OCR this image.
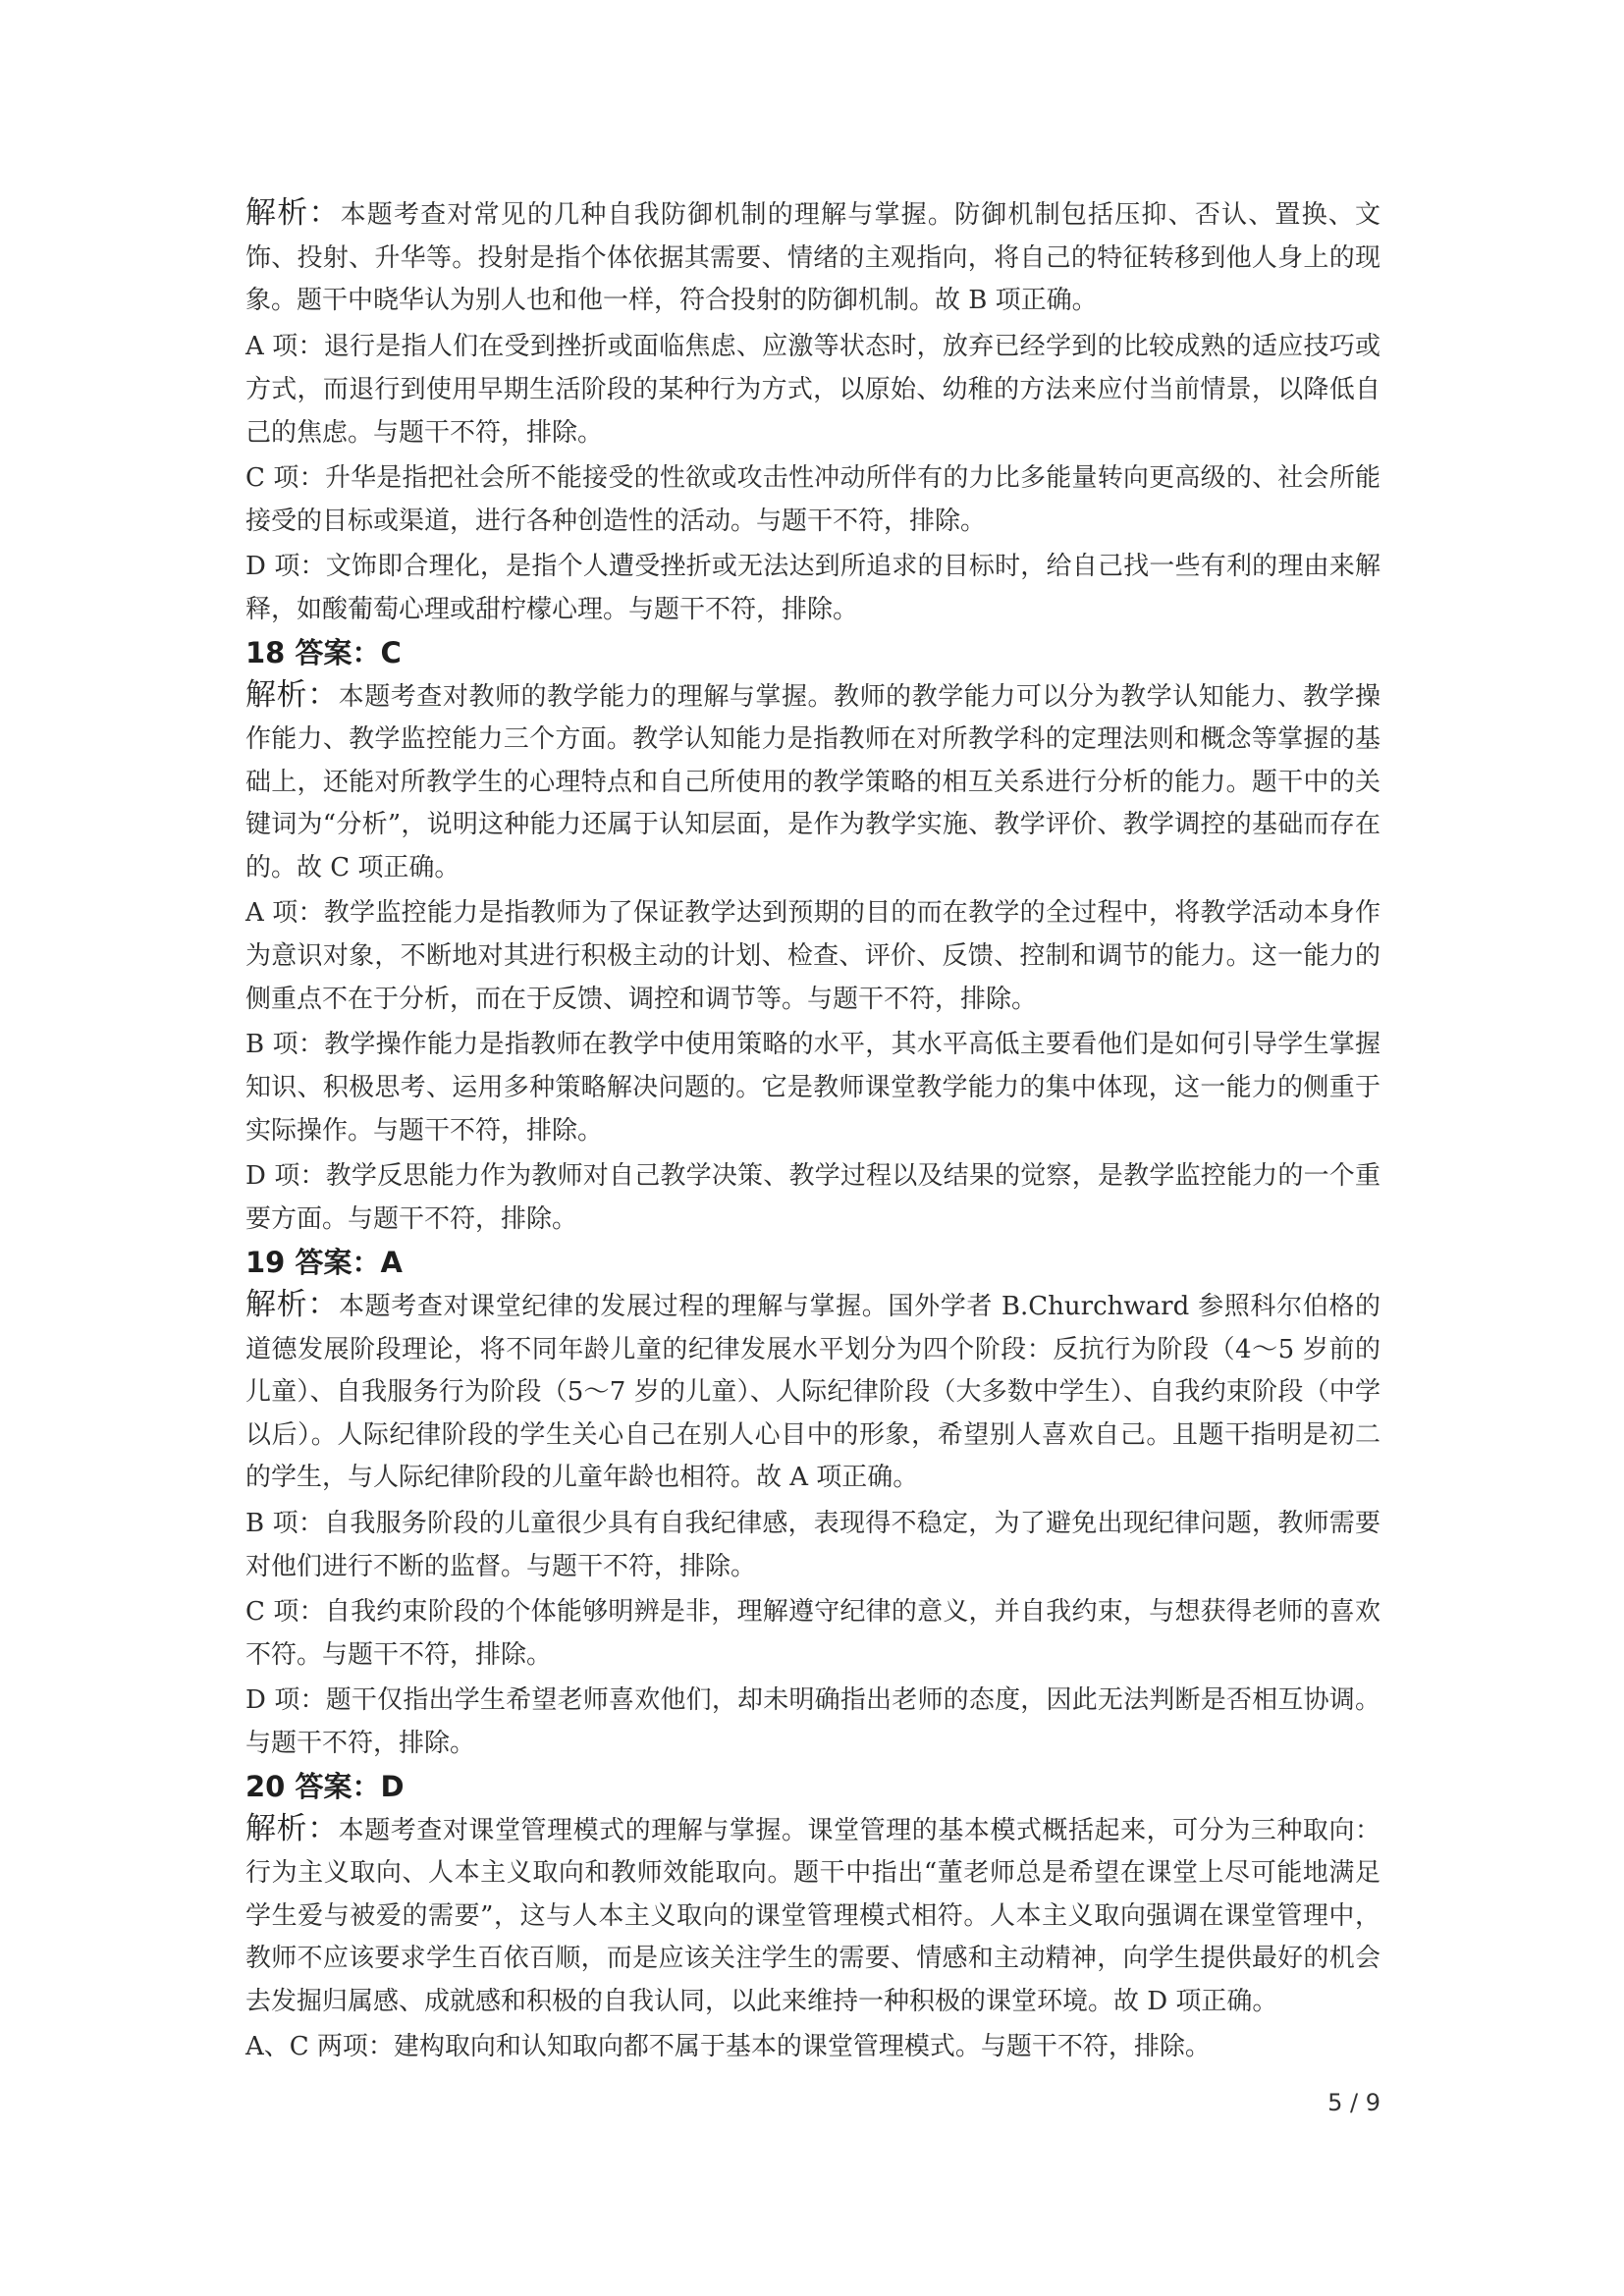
解析：本题考查对常见的几种自我防御机制的理解与掌握。防御机制包括压抑、否认、置换、文饰、投射、升华等。投射是指个体依据其需要、情绪的主观指向，将自己的特征转移到他人身上的现象。题干中晓华认为别人也和他一样，符合投射的防御机制。故 B 项正确。

A 项：退行是指人们在受到挫折或面临焦虑、应激等状态时，放弃已经学到的比较成熟的适应技巧或方式，而退行到使用早期生活阶段的某种行为方式，以原始、幼稚的方法来应付当前情景，以降低自己的焦虑。与题干不符，排除。

C 项：升华是指把社会所不能接受的性欲或攻击性冲动所伴有的力比多能量转向更高级的、社会所能接受的目标或渠道，进行各种创造性的活动。与题干不符，排除。

D 项：文饰即合理化，是指个人遭受挫折或无法达到所追求的目标时，给自己找一些有利的理由来解释，如酸葡萄心理或甜柠檬心理。与题干不符，排除。

18 答案：C

解析：本题考查对教师的教学能力的理解与掌握。教师的教学能力可以分为教学认知能力、教学操作能力、教学监控能力三个方面。教学认知能力是指教师在对所教学科的定理法则和概念等掌握的基础上，还能对所教学生的心理特点和自己所使用的教学策略的相互关系进行分析的能力。题干中的关键词为“分析”，说明这种能力还属于认知层面，是作为教学实施、教学评价、教学调控的基础而存在的。故 C 项正确。

A 项：教学监控能力是指教师为了保证教学达到预期的目的而在教学的全过程中，将教学活动本身作为意识对象，不断地对其进行积极主动的计划、检查、评价、反馈、控制和调节的能力。这一能力的侧重点不在于分析，而在于反馈、调控和调节等。与题干不符，排除。

B 项：教学操作能力是指教师在教学中使用策略的水平，其水平高低主要看他们是如何引导学生掌握知识、积极思考、运用多种策略解决问题的。它是教师课堂教学能力的集中体现，这一能力的侧重于实际操作。与题干不符，排除。

D 项：教学反思能力作为教师对自己教学决策、教学过程以及结果的觉察，是教学监控能力的一个重要方面。与题干不符，排除。

19 答案：A

解析：本题考查对课堂纪律的发展过程的理解与掌握。国外学者 B.Churchward 参照科尔伯格的道德发展阶段理论，将不同年龄儿童的纪律发展水平划分为四个阶段：反抗行为阶段（4～5 岁前的儿童）、自我服务行为阶段（5～7 岁的儿童）、人际纪律阶段（大多数中学生）、自我约束阶段（中学以后）。人际纪律阶段的学生关心自己在别人心目中的形象，希望别人喜欢自己。且题干指明是初二的学生，与人际纪律阶段的儿童年龄也相符。故 A 项正确。

B 项：自我服务阶段的儿童很少具有自我纪律感，表现得不稳定，为了避免出现纪律问题，教师需要对他们进行不断的监督。与题干不符，排除。

C 项：自我约束阶段的个体能够明辨是非，理解遵守纪律的意义，并自我约束，与想获得老师的喜欢不符。与题干不符，排除。

D 项：题干仅指出学生希望老师喜欢他们，却未明确指出老师的态度，因此无法判断是否相互协调。与题干不符，排除。

20 答案：D

解析：本题考查对课堂管理模式的理解与掌握。课堂管理的基本模式概括起来，可分为三种取向：行为主义取向、人本主义取向和教师效能取向。题干中指出“董老师总是希望在课堂上尽可能地满足学生爱与被爱的需要”，这与人本主义取向的课堂管理模式相符。人本主义取向强调在课堂管理中，教师不应该要求学生百依百顺，而是应该关注学生的需要、情感和主动精神，向学生提供最好的机会去发掘归属感、成就感和积极的自我认同，以此来维持一种积极的课堂环境。故 D 项正确。

A、C 两项：建构取向和认知取向都不属于基本的课堂管理模式。与题干不符，排除。

5 / 9
